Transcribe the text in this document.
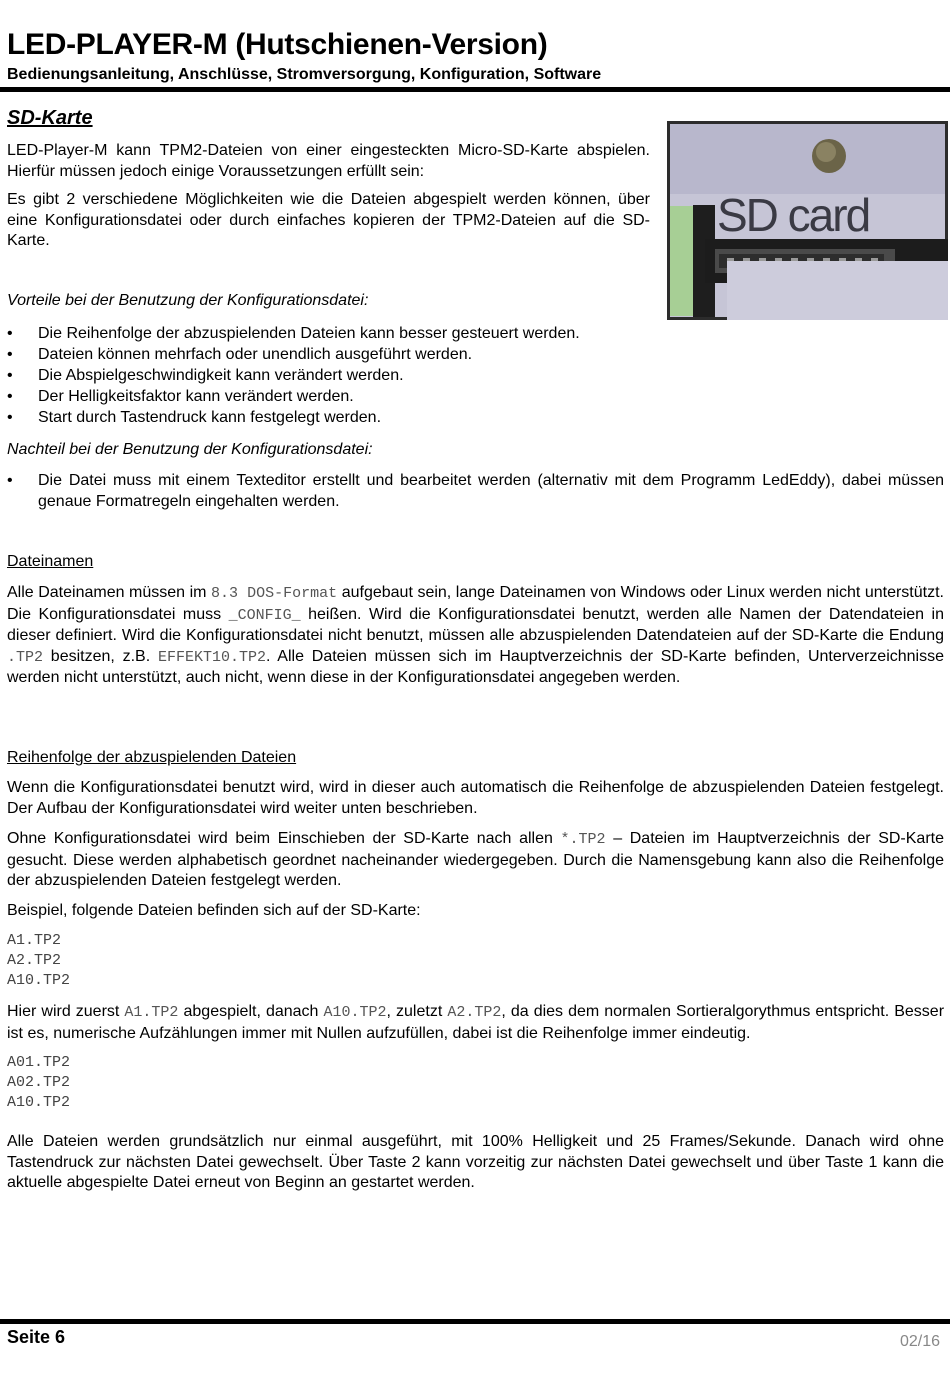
LED-PLAYER-M (Hutschienen-Version)
Bedienungsanleitung, Anschlüsse, Stromversorgung, Konfiguration, Software
SD-Karte
SD card

LED-Player-M kann TPM2-Dateien von einer eingesteckten Micro-SD-Karte abspielen. Hierfür müssen jedoch einige Voraussetzungen erfüllt sein:

Es gibt 2 verschiedene Möglichkeiten wie die Dateien abgespielt werden können, über eine Konfigurationsdatei oder durch einfaches kopieren der TPM2-Dateien auf die SD-Karte.

Vorteile bei der Benutzung der Konfigurationsdatei:

• Die Reihenfolge der abzuspielenden Dateien kann besser gesteuert werden.
• Dateien können mehrfach oder unendlich ausgeführt werden.
• Die Abspielgeschwindigkeit kann verändert werden.
• Der Helligkeitsfaktor kann verändert werden.
• Start durch Tastendruck kann festgelegt werden.

Nachteil bei der Benutzung der Konfigurationsdatei:

• Die Datei muss mit einem Texteditor erstellt und bearbeitet werden (alternativ mit dem Programm LedEddy), dabei müssen genaue Formatregeln eingehalten werden.

Dateinamen

Alle Dateinamen müssen im 8.3 DOS-Format aufgebaut sein, lange Dateinamen von Windows oder Linux werden nicht unterstützt. Die Konfigurationsdatei muss _CONFIG_ heißen. Wird die Konfigurationsdatei benutzt, werden alle Namen der Datendateien in dieser definiert. Wird die Konfigurationsdatei nicht benutzt, müssen alle abzuspielenden Datendateien auf der SD-Karte die Endung .TP2 besitzen, z.B. EFFEKT10.TP2. Alle Dateien müssen sich im Hauptverzeichnis der SD-Karte befinden, Unterverzeichnisse werden nicht unterstützt, auch nicht, wenn diese in der Konfigurationsdatei angegeben werden.

Reihenfolge der abzuspielenden Dateien

Wenn die Konfigurationsdatei benutzt wird, wird in dieser auch automatisch die Reihenfolge de abzuspielenden Dateien festgelegt. Der Aufbau der Konfigurationsdatei wird weiter unten beschrieben.

Ohne Konfigurationsdatei wird beim Einschieben der SD-Karte nach allen *.TP2 – Dateien im Hauptverzeichnis der SD-Karte gesucht. Diese werden alphabetisch geordnet nacheinander wiedergegeben. Durch die Namensgebung kann also die Reihenfolge der abzuspielenden Dateien festgelegt werden.

Beispiel, folgende Dateien befinden sich auf der SD-Karte:

A1.TP2
A2.TP2
A10.TP2

Hier wird zuerst A1.TP2 abgespielt, danach A10.TP2, zuletzt A2.TP2, da dies dem normalen Sortieralgorythmus entspricht. Besser ist es, numerische Aufzählungen immer mit Nullen aufzufüllen, dabei ist die Reihenfolge immer eindeutig.

A01.TP2
A02.TP2
A10.TP2

Alle Dateien werden grundsätzlich nur einmal ausgeführt, mit 100% Helligkeit und 25 Frames/Sekunde. Danach wird ohne Tastendruck zur nächsten Datei gewechselt. Über Taste 2 kann vorzeitig zur nächsten Datei gewechselt und über Taste 1 kann die aktuelle abgespielte Datei erneut von Beginn an gestartet werden.

Seite 6	02/16
